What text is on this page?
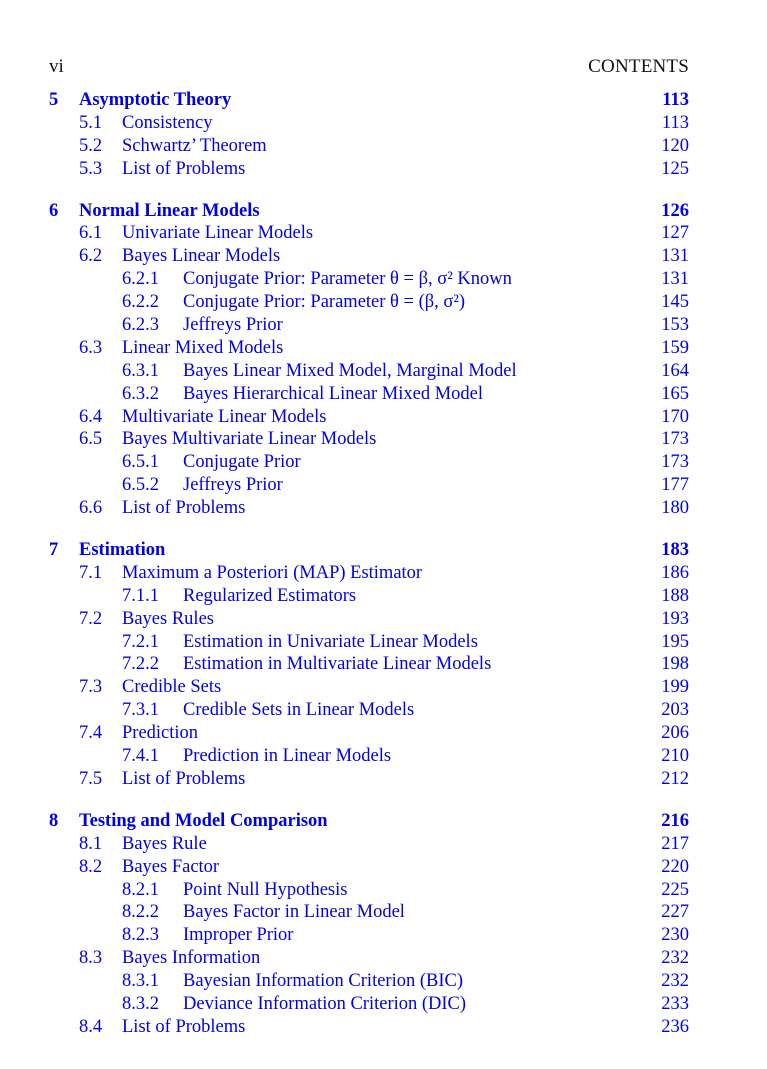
vi	CONTENTS
5 Asymptotic Theory	113
5.1 Consistency	113
5.2 Schwartz’ Theorem	120
5.3 List of Problems	125
6 Normal Linear Models	126
6.1 Univariate Linear Models	127
6.2 Bayes Linear Models	131
6.2.1 Conjugate Prior: Parameter θ = β, σ² Known	131
6.2.2 Conjugate Prior: Parameter θ = (β, σ²)	145
6.2.3 Jeffreys Prior	153
6.3 Linear Mixed Models	159
6.3.1 Bayes Linear Mixed Model, Marginal Model	164
6.3.2 Bayes Hierarchical Linear Mixed Model	165
6.4 Multivariate Linear Models	170
6.5 Bayes Multivariate Linear Models	173
6.5.1 Conjugate Prior	173
6.5.2 Jeffreys Prior	177
6.6 List of Problems	180
7 Estimation	183
7.1 Maximum a Posteriori (MAP) Estimator	186
7.1.1 Regularized Estimators	188
7.2 Bayes Rules	193
7.2.1 Estimation in Univariate Linear Models	195
7.2.2 Estimation in Multivariate Linear Models	198
7.3 Credible Sets	199
7.3.1 Credible Sets in Linear Models	203
7.4 Prediction	206
7.4.1 Prediction in Linear Models	210
7.5 List of Problems	212
8 Testing and Model Comparison	216
8.1 Bayes Rule	217
8.2 Bayes Factor	220
8.2.1 Point Null Hypothesis	225
8.2.2 Bayes Factor in Linear Model	227
8.2.3 Improper Prior	230
8.3 Bayes Information	232
8.3.1 Bayesian Information Criterion (BIC)	232
8.3.2 Deviance Information Criterion (DIC)	233
8.4 List of Problems	236
